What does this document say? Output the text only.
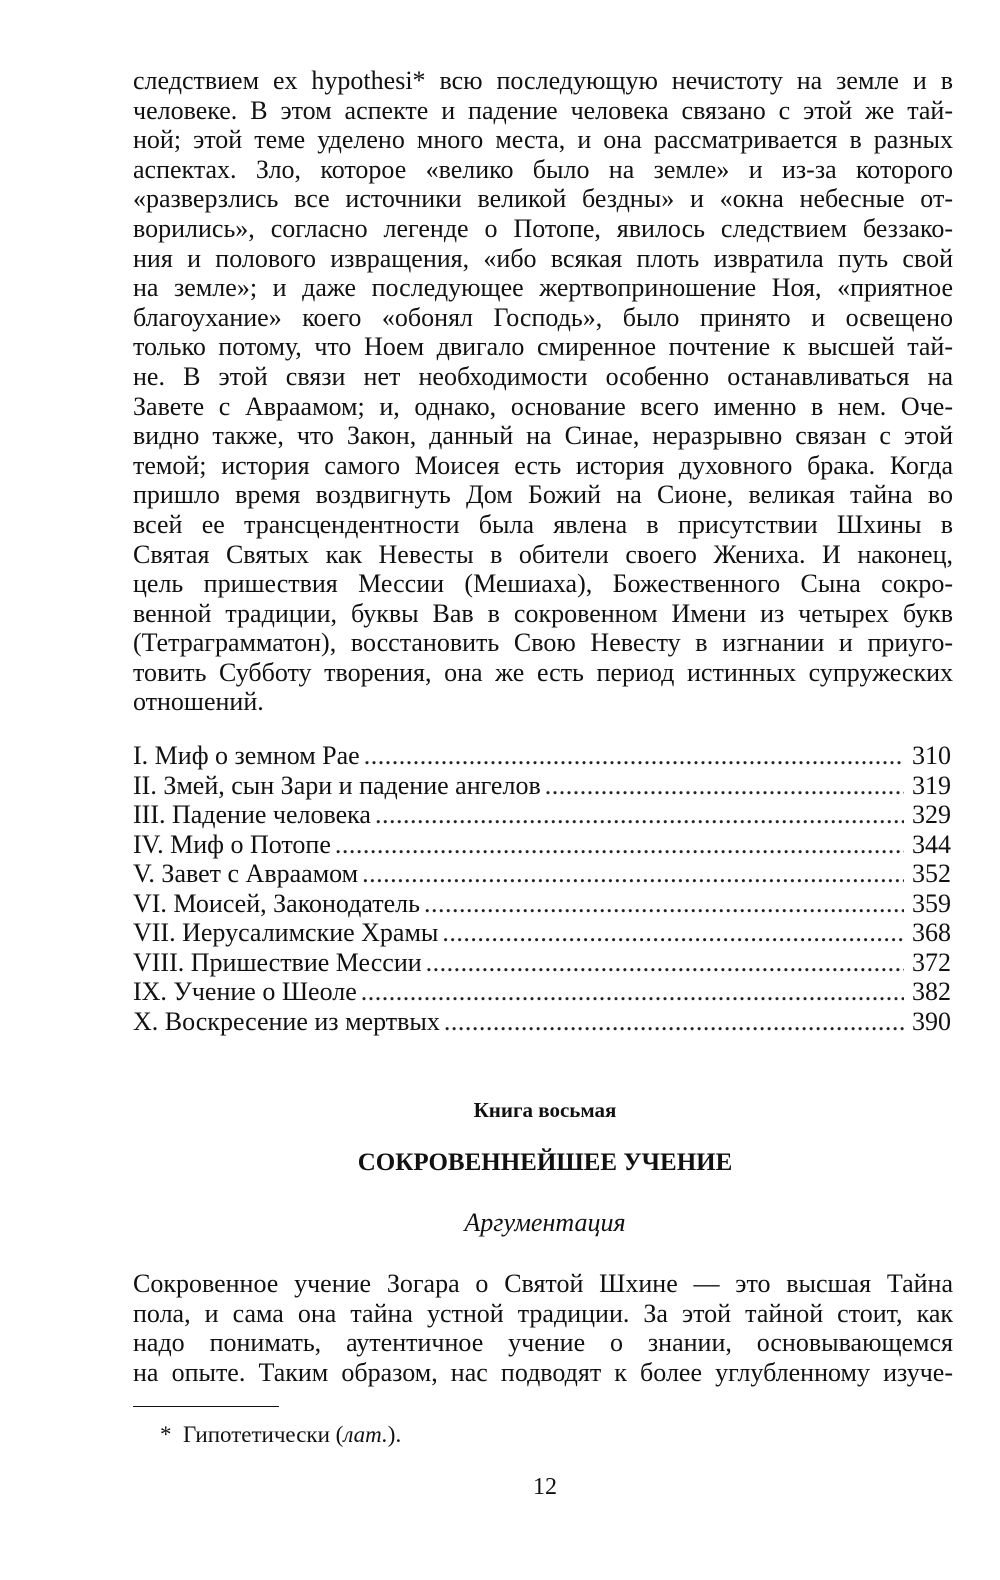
следствием ex hypothesi* всю последующую нечистоту на земле и в
человеке. В этом аспекте и падение человека связано с этой же тай-
ной; этой теме уделено много места, и она рассматривается в разных
аспектах. Зло, которое «велико было на земле» и из-за которого
«разверзлись все источники великой бездны» и «окна небесные от-
ворились», согласно легенде о Потопе, явилось следствием беззако-
ния и полового извращения, «ибо всякая плоть извратила путь свой
на земле»; и даже последующее жертвоприношение Ноя, «приятное
благоухание» коего «обонял Господь», было принято и освещено
только потому, что Ноем двигало смиренное почтение к высшей тай-
не. В этой связи нет необходимости особенно останавливаться на
Завете с Авраамом; и, однако, основание всего именно в нем. Оче-
видно также, что Закон, данный на Синае, неразрывно связан с этой
темой; история самого Моисея есть история духовного брака. Когда
пришло время воздвигнуть Дом Божий на Сионе, великая тайна во
всей ее трансцендентности была явлена в присутствии Шхины в
Святая Святых как Невесты в обители своего Жениха. И наконец,
цель пришествия Мессии (Мешиаха), Божественного Сына сокро-
венной традиции, буквы Вав в сокровенном Имени из четырех букв
(Тетраграмматон), восстановить Свою Невесту в изгнании и приуго-
товить Субботу творения, она же есть период истинных супружеских
отношений.
I. Миф о земном Рае . . .	310
II. Змей, сын Зари и падение ангелов . . .	319
III. Падение человека . . .	329
IV. Миф о Потопе . . .	344
V. Завет с Авраамом . . .	352
VI. Моисей, Законодатель . . .	359
VII. Иерусалимские Храмы . . .	368
VIII. Пришествие Мессии . . .	372
IX. Учение о Шеоле . . .	382
X. Воскресение из мертвых . . .	390
Книга восьмая
СОКРОВЕННЕЙШЕЕ УЧЕНИЕ
Аргументация
Сокровенное учение Зогара о Святой Шхине — это высшая Тайна
пола, и сама она тайна устной традиции. За этой тайной стоит, как
надо понимать, аутентичное учение о знании, основывающемся
на опыте. Таким образом, нас подводят к более углубленному изуче-
* Гипотетически (лат.).
12
